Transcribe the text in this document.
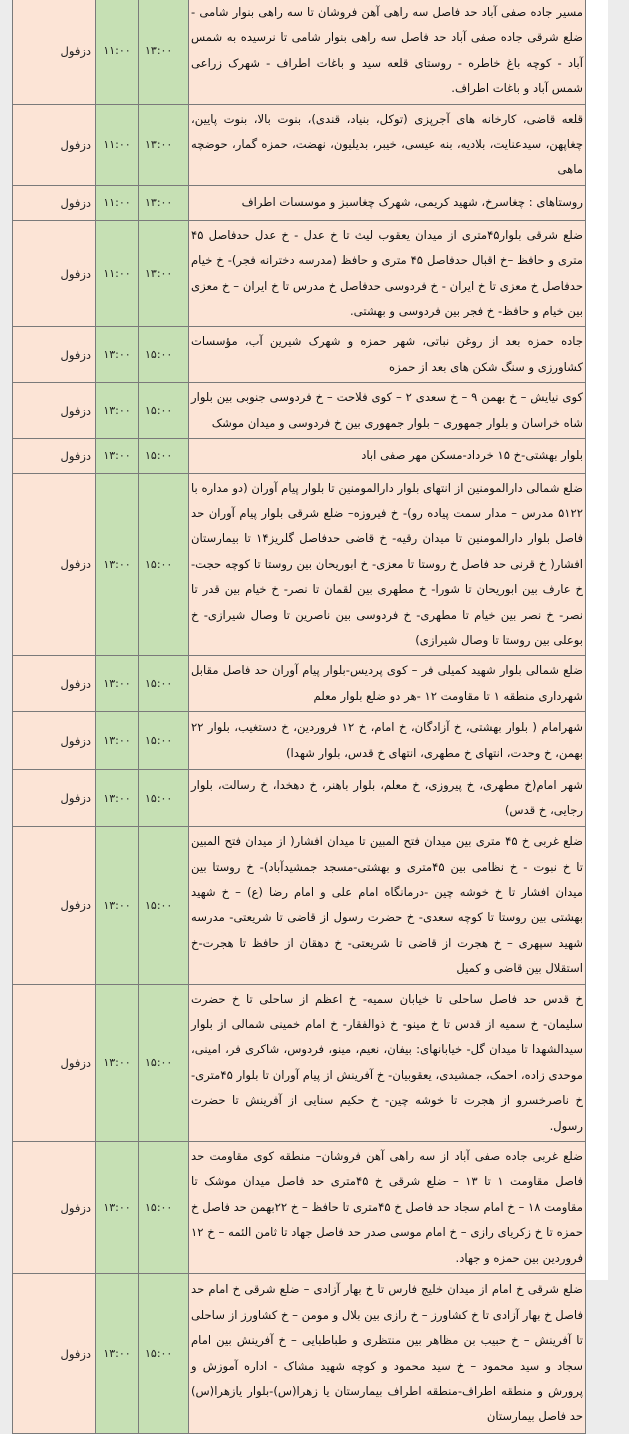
دزفول	۱۱:۰۰	۱۳:۰۰	مسیر جاده صفی آباد حد فاصل سه راهی آهن فروشان تا سه راهی بنوار شامی - ضلع شرقی جاده صفی آباد حد فاصل سه راهی بنوار شامی تا نرسیده به شمس آباد - کوچه باغ خاطره - روستای قلعه سید و باغات اطراف - شهرک زراعی شمس آباد و باغات اطراف.
دزفول	۱۱:۰۰	۱۳:۰۰	قلعه قاضی، کارخانه های آجرپزی (توکل، بنیاد، قندی)، بنوت بالا، بنوت پایین، چغاپهن، سیدعنایت، بلادیه، بنه عیسی، خیبر، بدیلیون، نهضت، حمزه گمار، حوضچه ماهی
دزفول	۱۱:۰۰	۱۳:۰۰	روستاهای : چغاسرخ، شهید کریمی، شهرک چغاسبز و موسسات اطراف
دزفول	۱۱:۰۰	۱۳:۰۰	ضلع شرقی بلوار۴۵متری از میدان یعقوب لیث تا خ عدل - خ عدل حدفاصل ۴۵ متری و حافظ –خ اقبال حدفاصل ۴۵ متری و حافظ (مدرسه دخترانه فجر)- خ خیام حدفاصل خ معزی تا خ ایران - خ فردوسی حدفاصل خ مدرس تا خ ایران – خ معزی بین خیام و حافظ- خ فجر بین فردوسی و بهشتی.
دزفول	۱۳:۰۰	۱۵:۰۰	جاده حمزه بعد از روغن نباتی، شهر حمزه و شهرک شیرین آب، مؤسسات کشاورزی و سنگ شکن های بعد از حمزه
دزفول	۱۳:۰۰	۱۵:۰۰	کوی نیایش – خ بهمن ۹ – خ سعدی ۲ – کوی فلاحت – خ فردوسی جنوبی بین بلوار شاه خراسان و بلوار جمهوری – بلوار جمهوری بین خ فردوسی و میدان موشک
دزفول	۱۳:۰۰	۱۵:۰۰	بلوار بهشتی-خ ۱۵ خرداد-مسکن مهر صفی اباد
دزفول	۱۳:۰۰	۱۵:۰۰	ضلع شمالی دارالمومنین از انتهای بلوار دارالمومنین تا بلوار پیام آوران (دو مداره با ۵۱۲۲ مدرس – مدار سمت پیاده رو)- خ فیروزه– ضلع شرقی بلوار پیام آوران حد فاصل بلوار دارالمومنین تا میدان رقیه- خ قاضی حدفاصل گلریز۱۴ تا بیمارستان افشار( خ قرنی حد فاصل خ روستا تا معزی- خ ابوریحان بین روستا تا کوچه حجت-خ عارف بین ابوریحان تا شورا- خ مطهری بین لقمان تا نصر- خ خیام بین قدر تا نصر- خ نصر بین خیام تا مطهری- خ فردوسی بین ناصرین تا وصال شیرازی- خ بوعلی بین روستا تا وصال شیرازی)
دزفول	۱۳:۰۰	۱۵:۰۰	ضلع شمالی بلوار شهید کمیلی فر – کوی پردیس-بلوار پیام آوران حد فاصل مقابل شهرداری منطقه ۱ تا مقاومت ۱۲ -هر دو ضلع بلوار معلم
دزفول	۱۳:۰۰	۱۵:۰۰	شهرامام ( بلوار بهشتی، خ آزادگان، خ امام، خ ۱۲ فروردین، خ دستغیب، بلوار ۲۲ بهمن، خ وحدت، انتهای خ مطهری، انتهای خ قدس، بلوار شهدا)
دزفول	۱۳:۰۰	۱۵:۰۰	شهر امام(خ مطهری، خ پیروزی، خ معلم، بلوار باهنر، خ دهخدا، خ رسالت، بلوار رجایی، خ قدس)
دزفول	۱۳:۰۰	۱۵:۰۰	ضلع غربی خ ۴۵ متری بین میدان فتح المبین تا میدان افشار( از میدان فتح المبین تا خ نبوت - خ نظامی بین ۴۵متری و بهشتی-مسجد جمشیدآباد)- خ روستا بین میدان افشار تا خ خوشه چین -درمانگاه امام علی و امام رضا (ع) – خ شهید بهشتی بین روستا تا کوچه سعدی- خ حضرت رسول از قاضی تا شریعتی- مدرسه شهید سپهری – خ هجرت از قاضی تا شریعتی- خ دهقان از حافظ تا هجرت-خ استقلال بین قاضی و کمیل
دزفول	۱۳:۰۰	۱۵:۰۰	خ قدس حد فاصل ساحلی تا خیابان سمیه- خ اعظم از ساحلی تا خ حضرت سلیمان- خ سمیه از قدس تا خ مینو- خ ذوالفقار- خ امام خمینی شمالی از بلوار سیدالشهدا تا میدان گل- خیابانهای: بیفان، نعیم، مینو، فردوس، شاکری فر، امینی، موحدی زاده، احمک، جمشیدی، یعقوبیان- خ آفرینش از پیام آوران تا بلوار ۴۵متری- خ ناصرخسرو از هجرت تا خوشه چین- خ حکیم سنایی از آفرینش تا حضرت رسول.
دزفول	۱۳:۰۰	۱۵:۰۰	ضلع غربی جاده صفی آباد از سه راهی آهن فروشان– منطقه کوی مقاومت حد فاصل مقاومت ۱ تا ۱۳ – ضلع شرقی خ ۴۵متری حد فاصل میدان موشک تا مقاومت ۱۸ – خ امام سجاد حد فاصل خ ۴۵متری تا حافظ – خ ۲۲بهمن حد فاصل خ حمزه تا خ زکریای رازی – خ امام موسی صدر حد فاصل جهاد تا ثامن الئمه – خ ۱۲ فروردین بین حمزه و جهاد.
دزفول	۱۳:۰۰	۱۵:۰۰	ضلع شرقی خ امام از میدان خلیج فارس تا خ بهار آزادی – ضلع شرقی خ امام حد فاصل خ بهار آزادی تا خ کشاورز – خ رازی بین بلال و مومن – خ کشاورز از ساحلی تا آفرینش – خ حبیب بن مظاهر بین منتظری و طباطبایی – خ آفرینش بین امام سجاد و سید محمود – خ سید محمود و کوچه شهید مشاک - اداره آموزش و پرورش و منطقه اطراف-منطقه اطراف بیمارستان یا زهرا(س)-بلوار یازهرا(س) حد فاصل بیمارستان
